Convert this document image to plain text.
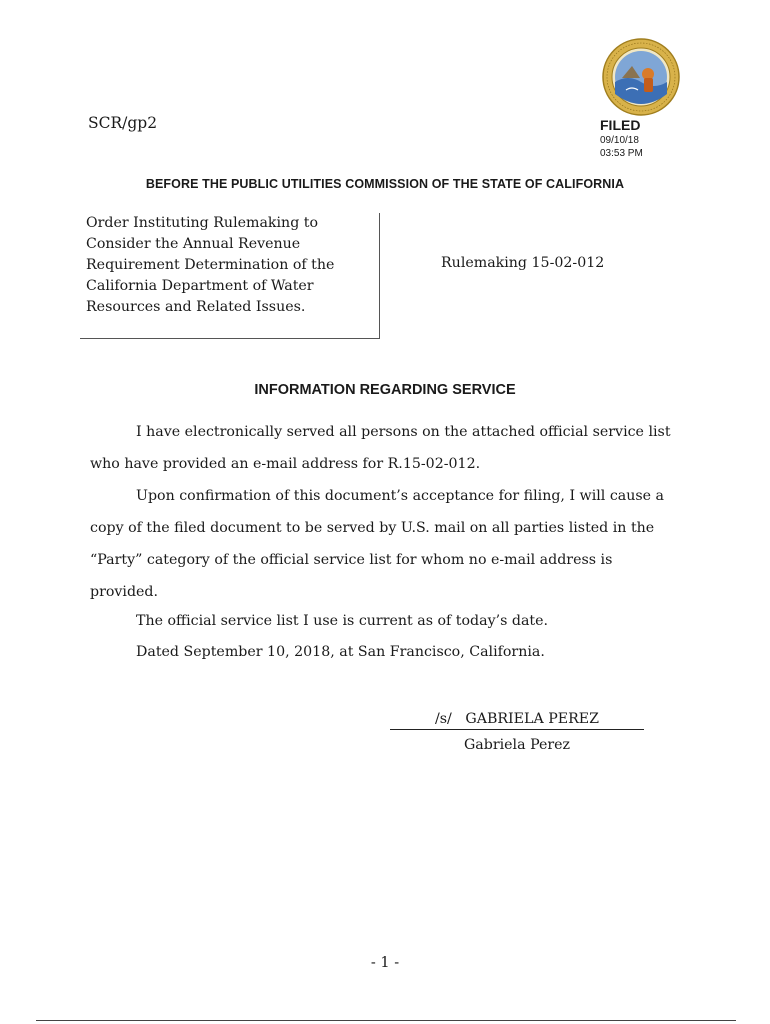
SCR/gp2	FILED
09/10/18
03:53 PM
BEFORE THE PUBLIC UTILITIES COMMISSION OF THE STATE OF CALIFORNIA
Order Instituting Rulemaking to
Consider the Annual Revenue
Requirement Determination of the
California Department of Water
Resources and Related Issues.
Rulemaking 15-02-012
INFORMATION REGARDING SERVICE
I have electronically served all persons on the attached official service list who have provided an e-mail address for R.15-02-012.
Upon confirmation of this document’s acceptance for filing, I will cause a copy of the filed document to be served by U.S. mail on all parties listed in the “Party” category of the official service list for whom no e-mail address is provided.
The official service list I use is current as of today’s date.
Dated September 10, 2018, at San Francisco, California.
/s/   GABRIELA PEREZ
Gabriela Perez
- 1 -
